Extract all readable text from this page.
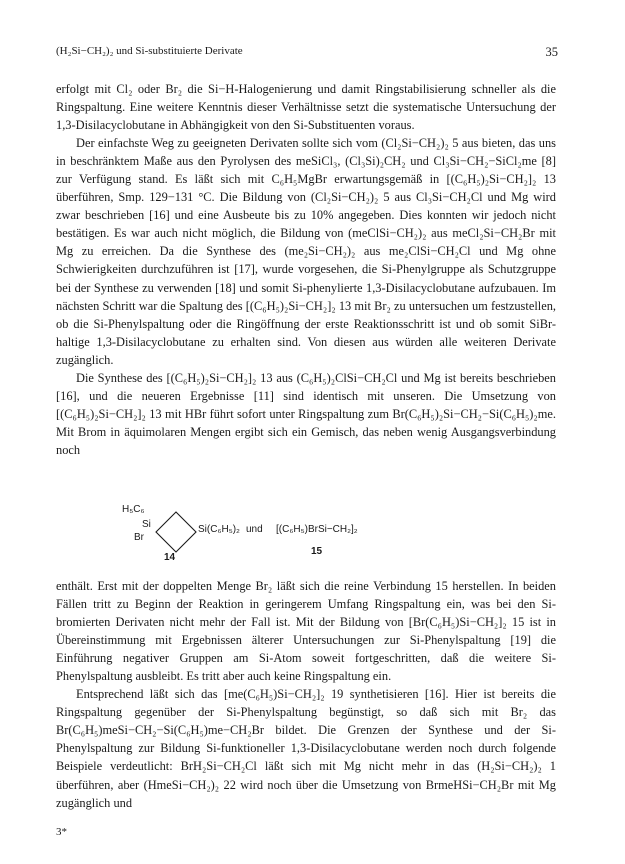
(H₂Si−CH₂)₂ und Si-substituierte Derivate	35

erfolgt mit Cl₂ oder Br₂ die Si−H-Halogenierung und damit Ringstabilisierung schneller als die Ringspaltung. Eine weitere Kenntnis dieser Verhältnisse setzt die systematische Untersuchung der 1,3-Disilacyclobutane in Abhängigkeit von den Si-Substituenten voraus.

Der einfachste Weg zu geeigneten Derivaten sollte sich vom (Cl₂Si−CH₂)₂ 5 aus bieten, das uns in beschränktem Maße aus den Pyrolysen des meSiCl₃, (Cl₃Si)₂CH₂ und Cl₃Si−CH₂−SiCl₂me [8] zur Verfügung stand. Es läßt sich mit C₆H₅MgBr erwartungsgemäß in [(C₆H₅)₂Si−CH₂]₂ 13 überführen, Smp. 129−131 °C. Die Bildung von (Cl₂Si−CH₂)₂ 5 aus Cl₃Si−CH₂Cl und Mg wird zwar beschrieben [16] und eine Ausbeute bis zu 10% angegeben. Dies konnten wir jedoch nicht bestätigen. Es war auch nicht möglich, die Bildung von (meClSi−CH₂)₂ aus meCl₂Si−CH₂Br mit Mg zu erreichen. Da die Synthese des (me₂Si−CH₂)₂ aus me₂ClSi−CH₂Cl und Mg ohne Schwierigkeiten durchzuführen ist [17], wurde vorgesehen, die Si-Phenylgruppe als Schutzgruppe bei der Synthese zu verwenden [18] und somit Si-phenylierte 1,3-Disilacyclobutane aufzubauen. Im nächsten Schritt war die Spaltung des [(C₆H₅)₂Si−CH₂]₂ 13 mit Br₂ zu untersuchen um festzustellen, ob die Si-Phenylspaltung oder die Ringöffnung der erste Reaktionsschritt ist und ob somit SiBr-haltige 1,3-Disilacyclobutane zu erhalten sind. Von diesen aus würden alle weiteren Derivate zugänglich.

Die Synthese des [(C₆H₅)₂Si−CH₂]₂ 13 aus (C₆H₅)₂ClSi−CH₂Cl und Mg ist bereits beschrieben [16], und die neueren Ergebnisse [11] sind identisch mit unseren. Die Umsetzung von [(C₆H₅)₂Si−CH₂]₂ 13 mit HBr führt sofort unter Ringspaltung zum Br(C₆H₅)₂Si−CH₂−Si(C₆H₅)₂me. Mit Brom in äquimolaren Mengen ergibt sich ein Gemisch, das neben wenig Ausgangsverbindung noch

H₅C₆
Si
Br
Si(C₆H₅)₂ und [(C₆H₅)BrSi−CH₂]₂
14
15

enthält. Erst mit der doppelten Menge Br₂ läßt sich die reine Verbindung 15 herstellen. In beiden Fällen tritt zu Beginn der Reaktion in geringerem Umfang Ringspaltung ein, was bei den Si-bromierten Derivaten nicht mehr der Fall ist. Mit der Bildung von [Br(C₆H₅)Si−CH₂]₂ 15 ist in Übereinstimmung mit Ergebnissen älterer Untersuchungen zur Si-Phenylspaltung [19] die Einführung negativer Gruppen am Si-Atom soweit fortgeschritten, daß die weitere Si-Phenylspaltung ausbleibt. Es tritt aber auch keine Ringspaltung ein.

Entsprechend läßt sich das [me(C₆H₅)Si−CH₂]₂ 19 synthetisieren [16]. Hier ist bereits die Ringspaltung gegenüber der Si-Phenylspaltung begünstigt, so daß sich mit Br₂ das Br(C₆H₅)meSi−CH₂−Si(C₆H₅)me−CH₂Br bildet. Die Grenzen der Synthese und der Si-Phenylspaltung zur Bildung Si-funktioneller 1,3-Disilacyclobutane werden noch durch folgende Beispiele verdeutlicht: BrH₂Si−CH₂Cl läßt sich mit Mg nicht mehr in das (H₂Si−CH₂)₂ 1 überführen, aber (HmeSi−CH₂)₂ 22 wird noch über die Umsetzung von BrmeHSi−CH₂Br mit Mg zugänglich und

3*
